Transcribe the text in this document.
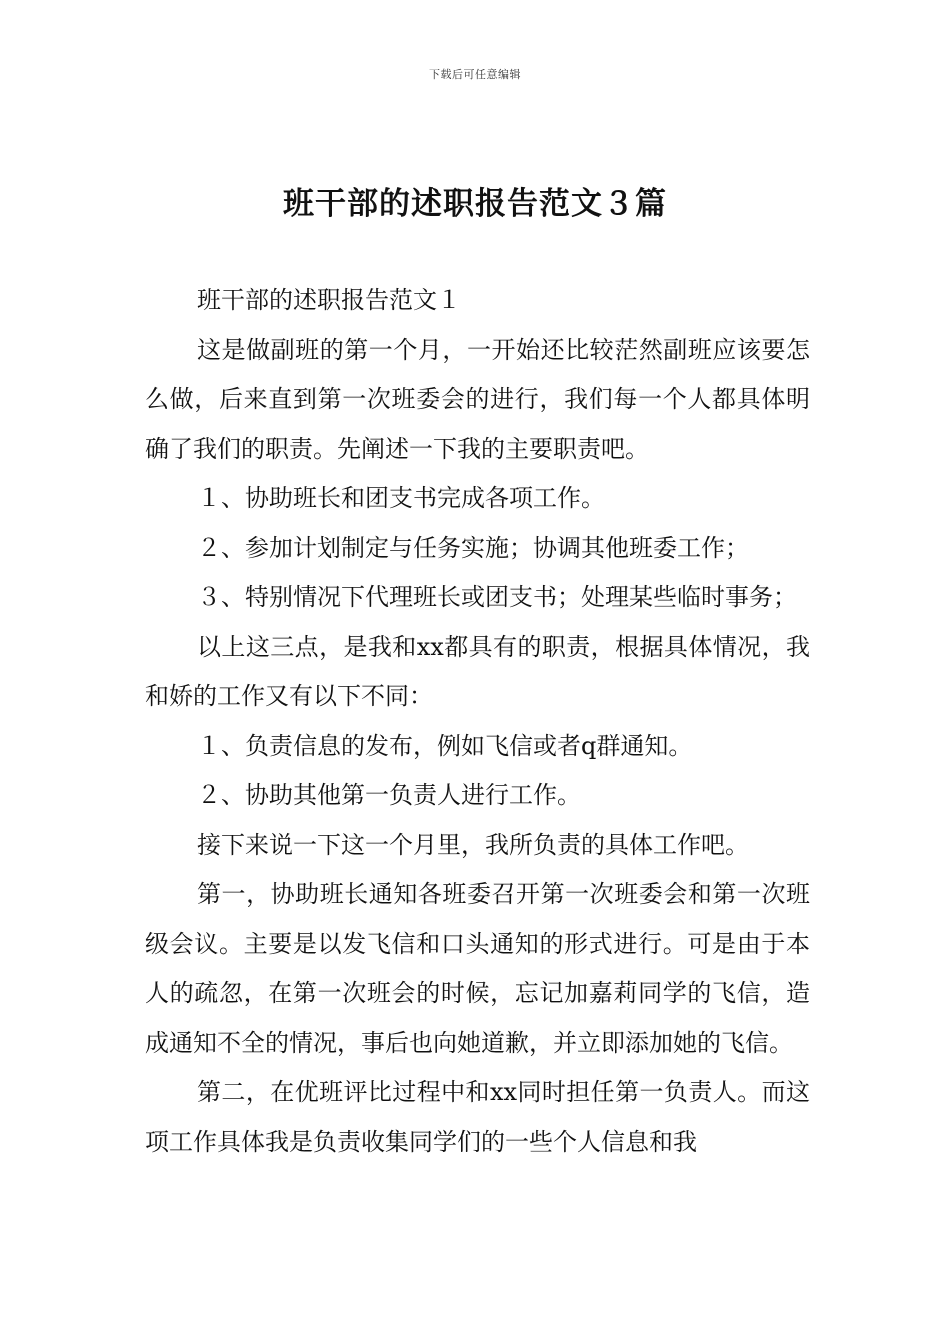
下载后可任意编辑
班干部的述职报告范文３篇

班干部的述职报告范文１

这是做副班的第一个月，一开始还比较茫然副班应该要怎么做，后来直到第一次班委会的进行，我们每一个人都具体明确了我们的职责。先阐述一下我的主要职责吧。

１、协助班长和团支书完成各项工作。

２、参加计划制定与任务实施；协调其他班委工作；

３、特别情况下代理班长或团支书；处理某些临时事务；

以上这三点，是我和xx都具有的职责，根据具体情况，我和娇的工作又有以下不同：

１、负责信息的发布，例如飞信或者q群通知。

２、协助其他第一负责人进行工作。

接下来说一下这一个月里，我所负责的具体工作吧。

第一，协助班长通知各班委召开第一次班委会和第一次班级会议。主要是以发飞信和口头通知的形式进行。可是由于本人的疏忽，在第一次班会的时候，忘记加嘉莉同学的飞信，造成通知不全的情况，事后也向她道歉，并立即添加她的飞信。

第二，在优班评比过程中和xx同时担任第一负责人。而这项工作具体我是负责收集同学们的一些个人信息和我
